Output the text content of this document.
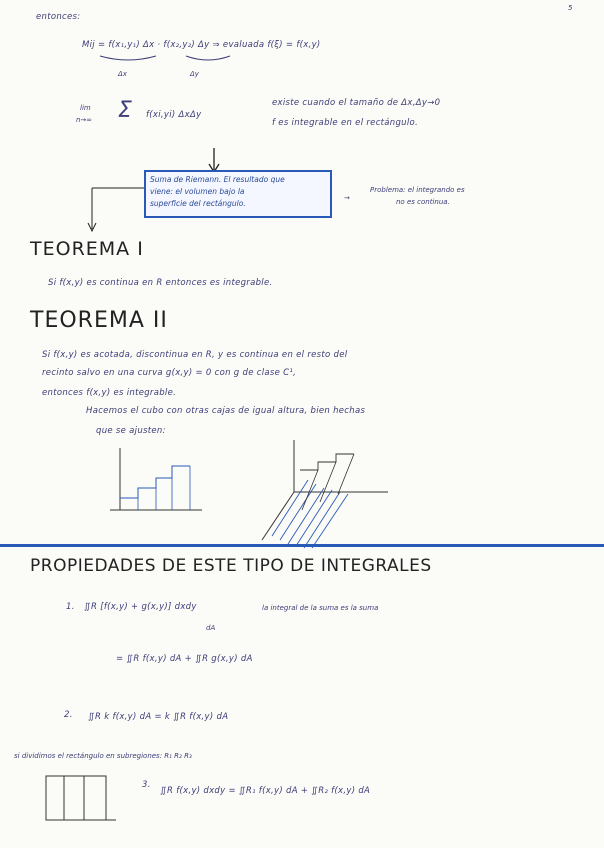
entonces:
5
Mij = f(x₁,y₁) Δx · f(x₂,y₂) Δy ⇒ evaluada f(ξ) = f(x,y)
Δx	Δy
lim
n→∞ Σ f(xi,yi) ΔxΔy
existe cuando el tamaño de Δx,Δy→0
f es integrable en el rectángulo.
Suma de Riemann. El resultado que
viene: el volumen bajo la
superficie del rectángulo.
→
Problema: el integrando es
no es continua.
TEOREMA I
Si f(x,y) es continua en R entonces es integrable.
TEOREMA II
Si f(x,y) es acotada, discontinua en R, y es continua en el resto del
recinto salvo en una curva g(x,y) = 0 con g de clase C¹,
entonces f(x,y) es integrable.
Hacemos el cubo con otras cajas de igual altura, bien hechas
que se ajusten:
PROPIEDADES DE ESTE TIPO DE INTEGRALES
1. ∬R [f(x,y) + g(x,y)] dxdy	la integral de la suma es la suma
dA
= ∬R f(x,y) dA + ∬R g(x,y) dA
2. ∬R k f(x,y) dA = k ∬R f(x,y) dA
si dividimos el rectángulo en subregiones: R₁ R₂ R₃
3.
∬R f(x,y) dxdy = ∬R₁ f(x,y) dA + ∬R₂ f(x,y) dA
